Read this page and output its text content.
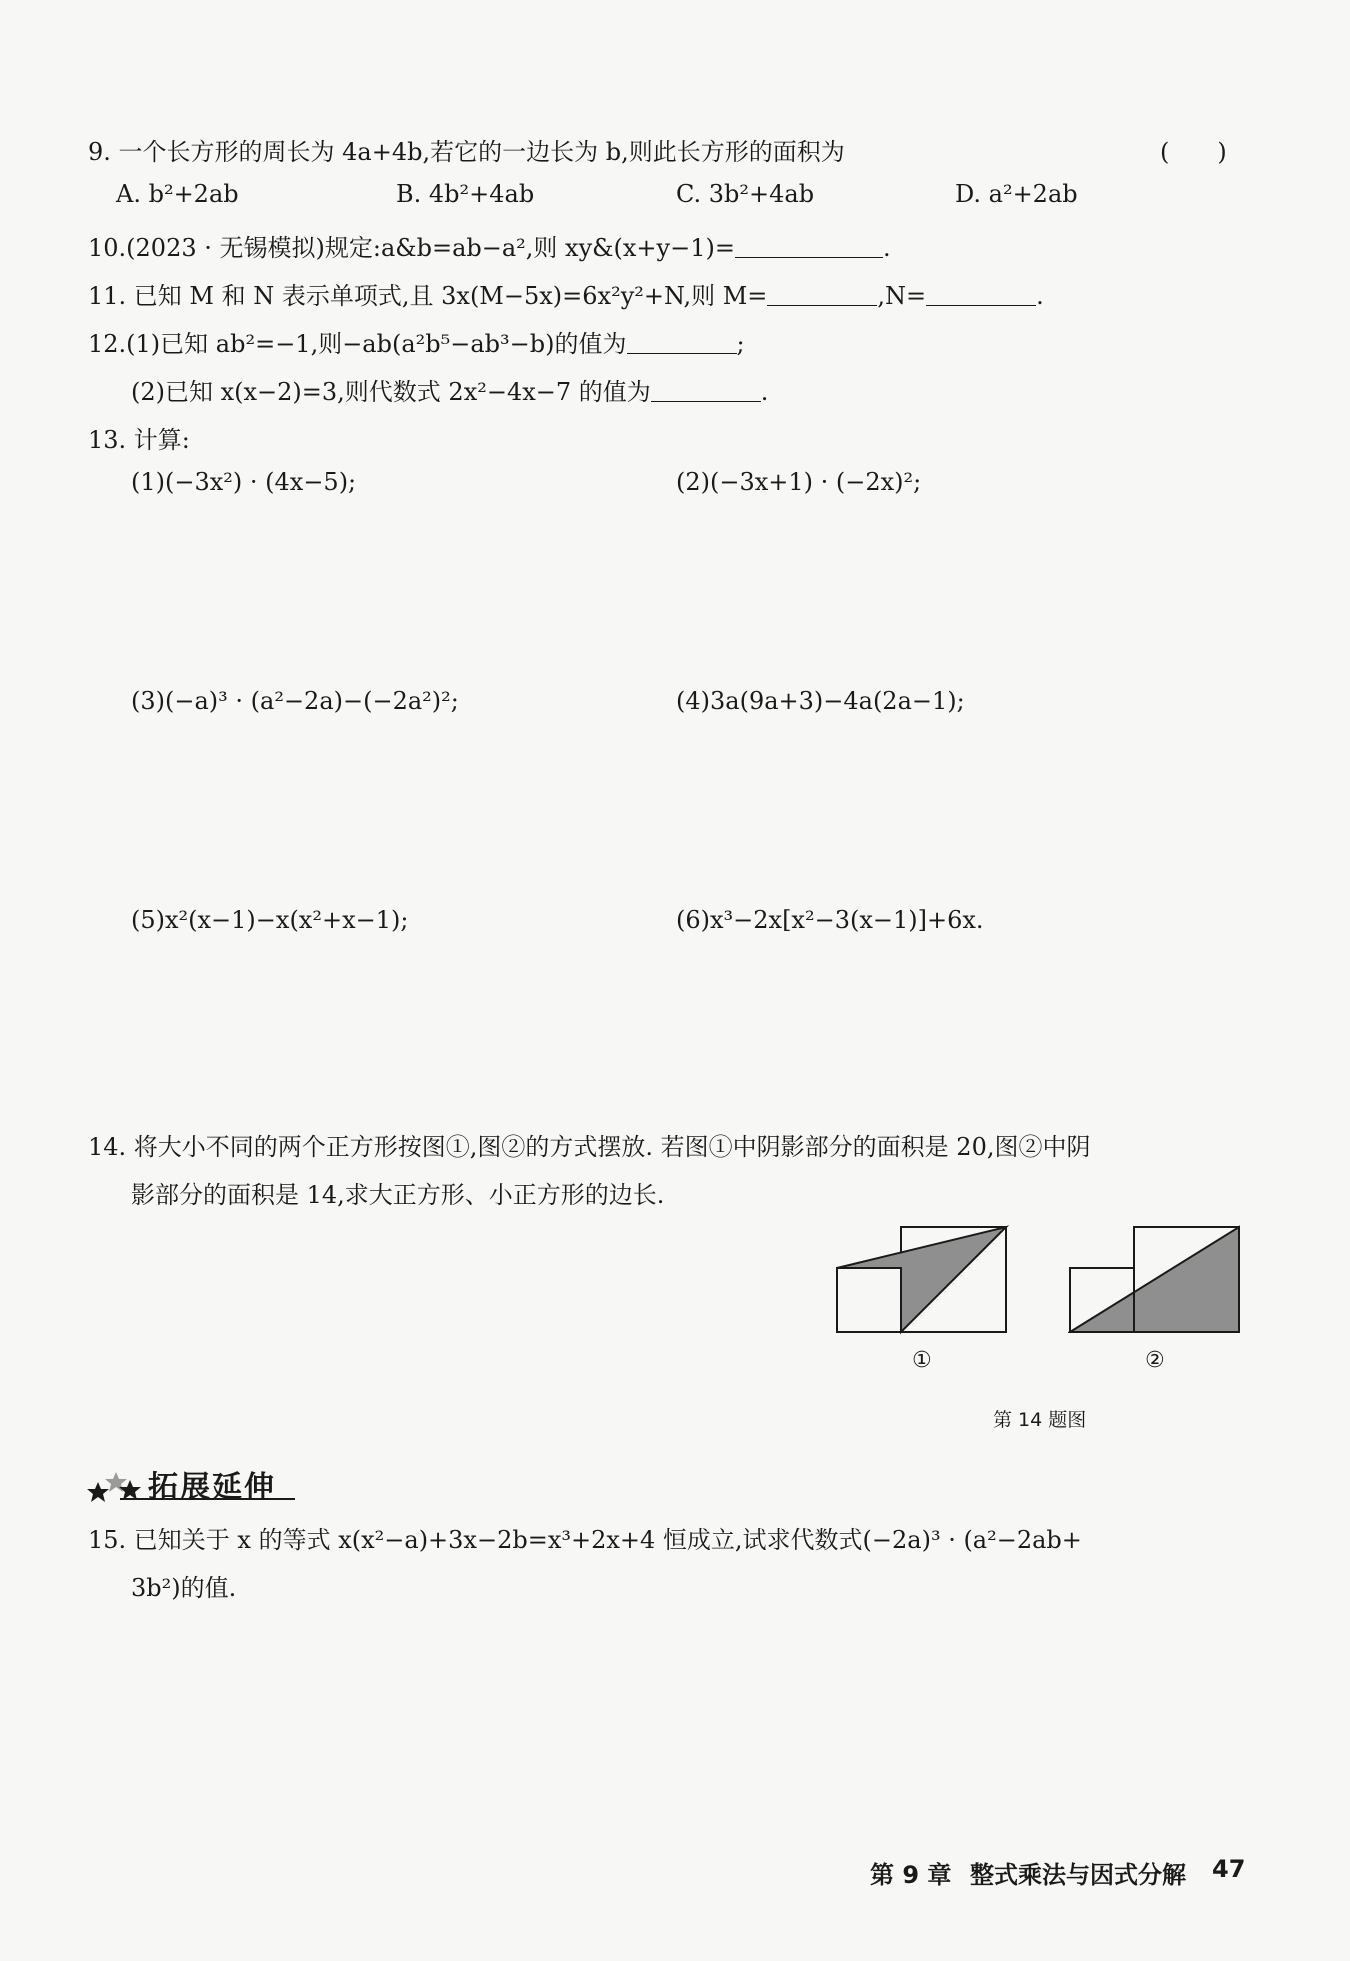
9. 一个长方形的周长为 4a+4b,若它的一边长为 b,则此长方形的面积为	(　　)
A. b²+2ab	B. 4b²+4ab	C. 3b²+4ab	D. a²+2ab
10.(2023 · 无锡模拟)规定:a&b=ab−a²,则 xy&(x+y−1)=	.
11. 已知 M 和 N 表示单项式,且 3x(M−5x)=6x²y²+N,则 M=	,N=	.
12.(1)已知 ab²=−1,则−ab(a²b⁵−ab³−b)的值为	;
(2)已知 x(x−2)=3,则代数式 2x²−4x−7 的值为	.
13. 计算:
(1)(−3x²) · (4x−5);	(2)(−3x+1) · (−2x)²;
(3)(−a)³ · (a²−2a)−(−2a²)²;	(4)3a(9a+3)−4a(2a−1);
(5)x²(x−1)−x(x²+x−1);	(6)x³−2x[x²−3(x−1)]+6x.
14. 将大小不同的两个正方形按图①,图②的方式摆放. 若图①中阴影部分的面积是 20,图②中阴
影部分的面积是 14,求大正方形、小正方形的边长.
①	②
第 14 题图
拓展延伸
15. 已知关于 x 的等式 x(x²−a)+3x−2b=x³+2x+4 恒成立,试求代数式(−2a)³ · (a²−2ab+
3b²)的值.
第 9 章 整式乘法与因式分解 47
